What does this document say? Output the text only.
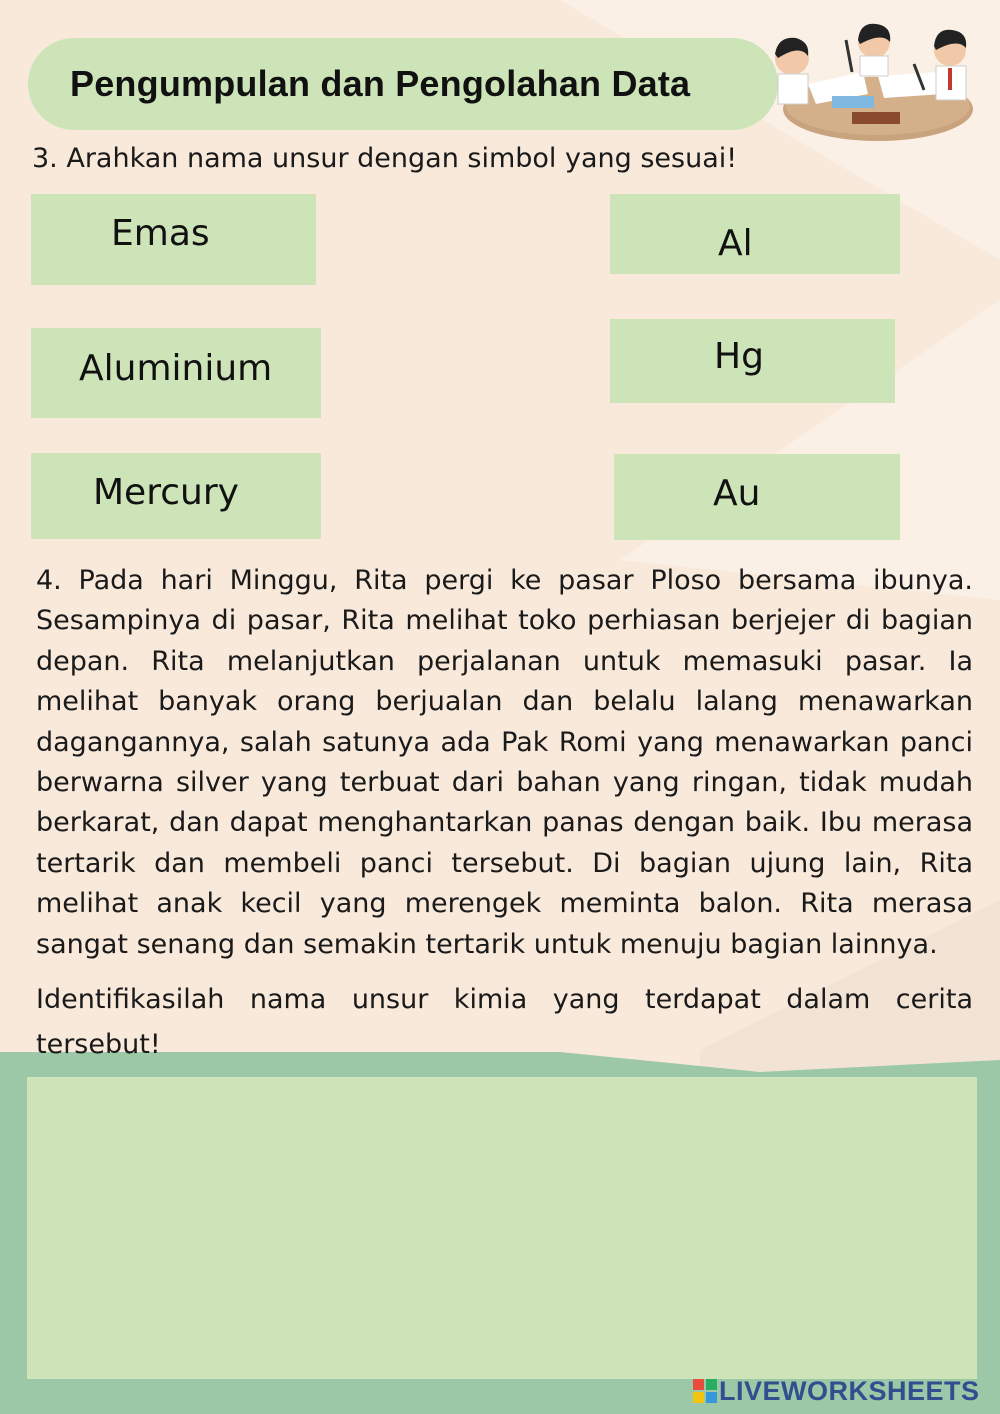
Pengumpulan dan Pengolahan Data
3. Arahkan nama unsur dengan simbol yang sesuai!
Emas
Aluminium
Mercury
Al
Hg
Au
4. Pada hari Minggu, Rita pergi ke pasar Ploso bersama ibunya. Sesampinya di pasar, Rita melihat toko perhiasan berjejer di bagian depan. Rita melanjutkan perjalanan untuk memasuki pasar. Ia melihat banyak orang berjualan dan belalu lalang menawarkan dagangannya, salah satunya ada Pak Romi yang menawarkan panci berwarna silver yang terbuat dari bahan yang ringan, tidak mudah berkarat, dan dapat menghantarkan panas dengan baik. Ibu merasa tertarik dan membeli panci tersebut. Di bagian ujung lain, Rita melihat anak kecil yang merengek meminta balon. Rita merasa sangat senang dan semakin tertarik untuk menuju bagian lainnya.
Identifikasilah nama unsur kimia yang terdapat dalam cerita tersebut!
LIVEWORKSHEETS
